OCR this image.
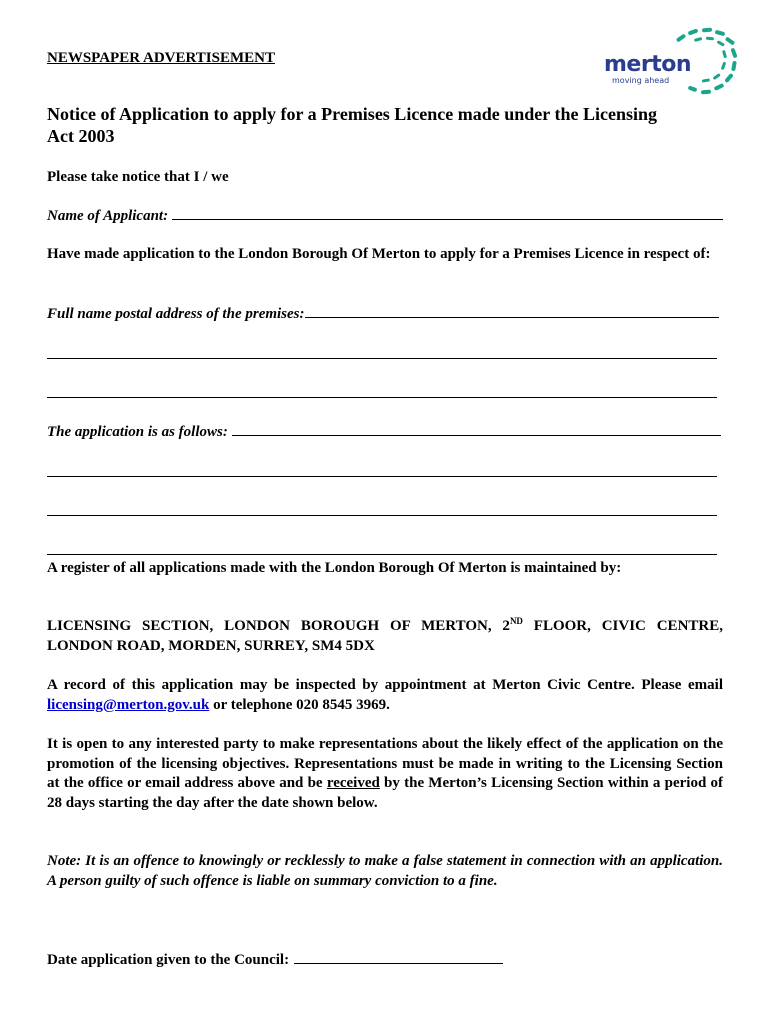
NEWSPAPER ADVERTISEMENT	merton
moving ahead
Notice of Application to apply for a Premises Licence made under the Licensing Act 2003
Please take notice that I / we
Name of Applicant:
Have made application to the London Borough Of Merton to apply for a Premises Licence in respect of:
Full name postal address of the premises:
The application is as follows:
A register of all applications made with the London Borough Of Merton is maintained by:
LICENSING SECTION, LONDON BOROUGH OF MERTON, 2ND FLOOR, CIVIC CENTRE, LONDON ROAD, MORDEN, SURREY, SM4 5DX
A record of this application may be inspected by appointment at Merton Civic Centre. Please email licensing@merton.gov.uk or telephone 020 8545 3969.
It is open to any interested party to make representations about the likely effect of the application on the promotion of the licensing objectives. Representations must be made in writing to the Licensing Section at the office or email address above and be received by the Merton’s Licensing Section within a period of 28 days starting the day after the date shown below.
Note: It is an offence to knowingly or recklessly to make a false statement in connection with an application. A person guilty of such offence is liable on summary conviction to a fine.
Date application given to the Council:
